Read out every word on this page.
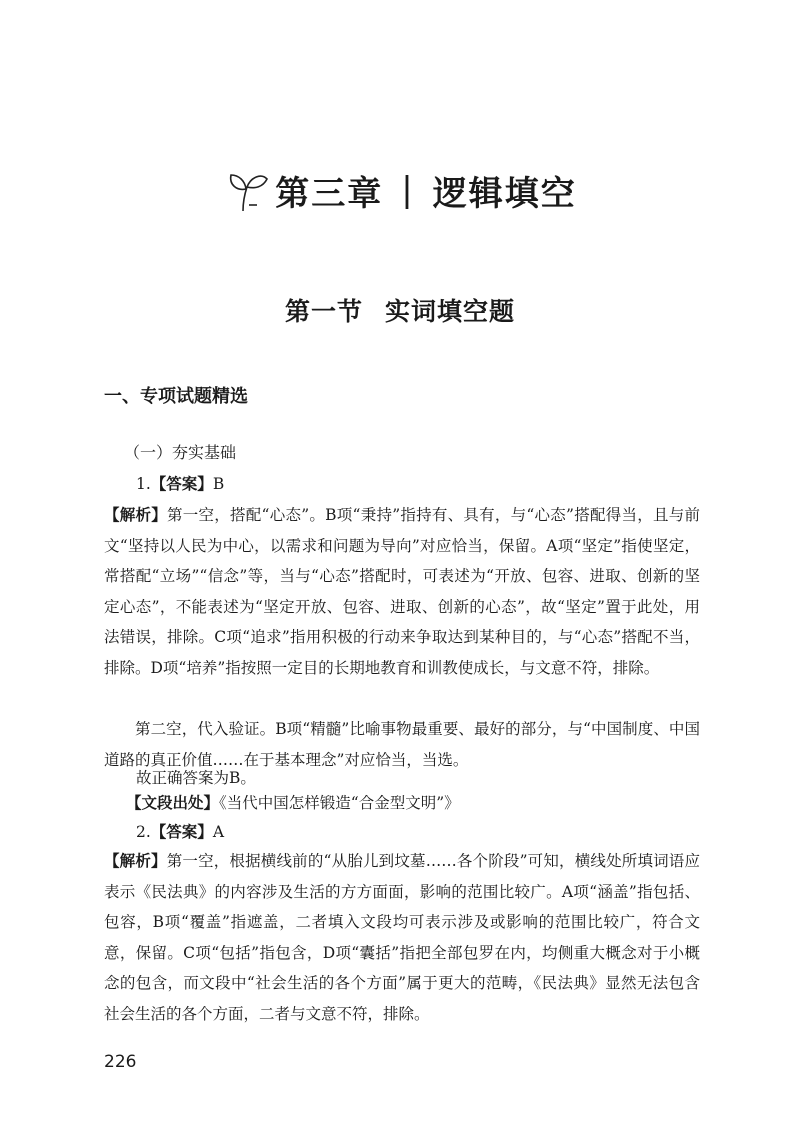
第三章 | 逻辑填空
第一节 实词填空题
一、专项试题精选
（一）夯实基础
1.【答案】B

【解析】第一空，搭配“心态”。B项“秉持”指持有、具有，与“心态”搭配得当，且与前文“坚持以人民为中心，以需求和问题为导向”对应恰当，保留。A项“坚定”指使坚定，常搭配“立场”“信念”等，当与“心态”搭配时，可表述为“开放、包容、进取、创新的坚定心态”，不能表述为“坚定开放、包容、进取、创新的心态”，故“坚定”置于此处，用法错误，排除。C项“追求”指用积极的行动来争取达到某种目的，与“心态”搭配不当，排除。D项“培养”指按照一定目的长期地教育和训教使成长，与文意不符，排除。

第二空，代入验证。B项“精髓”比喻事物最重要、最好的部分，与“中国制度、中国道路的真正价值……在于基本理念”对应恰当，当选。

故正确答案为B。
【文段出处】《当代中国怎样锻造“合金型文明”》
2.【答案】A

【解析】第一空，根据横线前的“从胎儿到坟墓……各个阶段”可知，横线处所填词语应表示《民法典》的内容涉及生活的方方面面，影响的范围比较广。A项“涵盖”指包括、包容，B项“覆盖”指遮盖，二者填入文段均可表示涉及或影响的范围比较广，符合文意，保留。C项“包括”指包含，D项“囊括”指把全部包罗在内，均侧重大概念对于小概念的包含，而文段中“社会生活的各个方面”属于更大的范畴，《民法典》显然无法包含社会生活的各个方面，二者与文意不符，排除。

226
